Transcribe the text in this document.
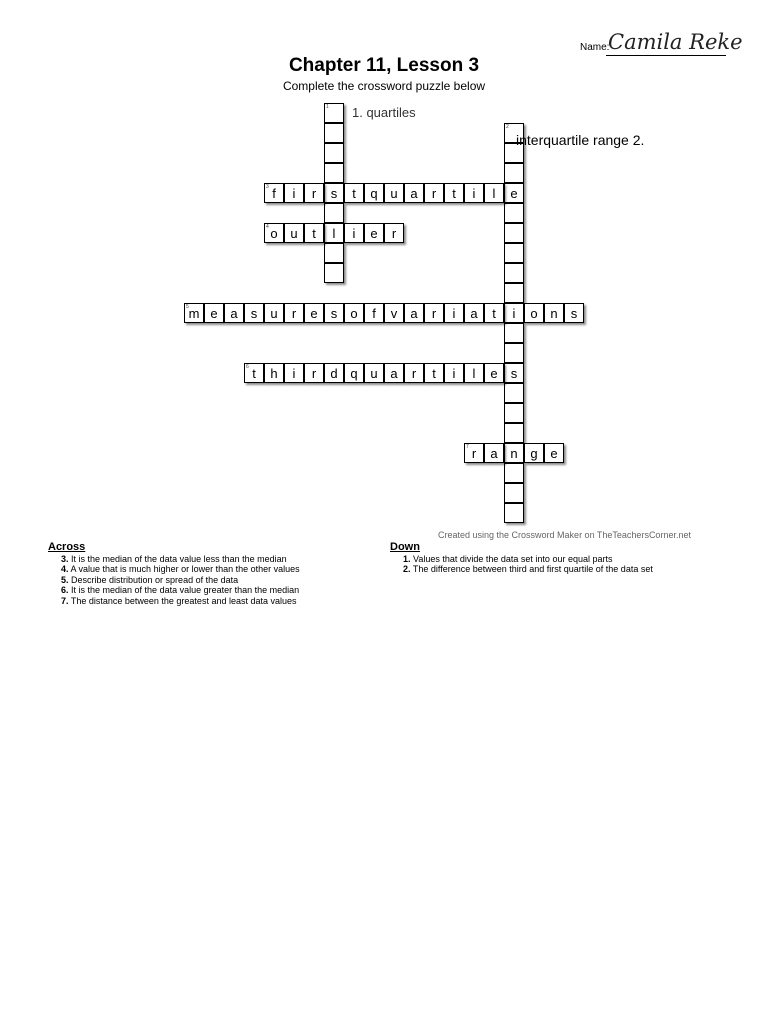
Name:
Camila Reke
Chapter 11, Lesson 3
Complete the crossword puzzle below
1
s
l
2
e
i
s
n
3 f	i	r	t	q u a	r	t	i	l
4 o u	t	i	e	r
5 m e a	s	u	r	e	s	o	f	v	a	r	i	a	t	o n	s
6 t	h	i	r	d q u a	r	t	i	l	e
7 r	a	g e
1. quartiles
interquartile range 2.
Created using the Crossword Maker on TheTeachersCorner.net
Across
3. It is the median of the data value less than the median
4. A value that is much higher or lower than the other values
5. Describe distribution or spread of the data
6. It is the median of the data value greater than the median
7. The distance between the greatest and least data values
Down
1. Values that divide the data set into our equal parts
2. The difference between third and first quartile of the data set
